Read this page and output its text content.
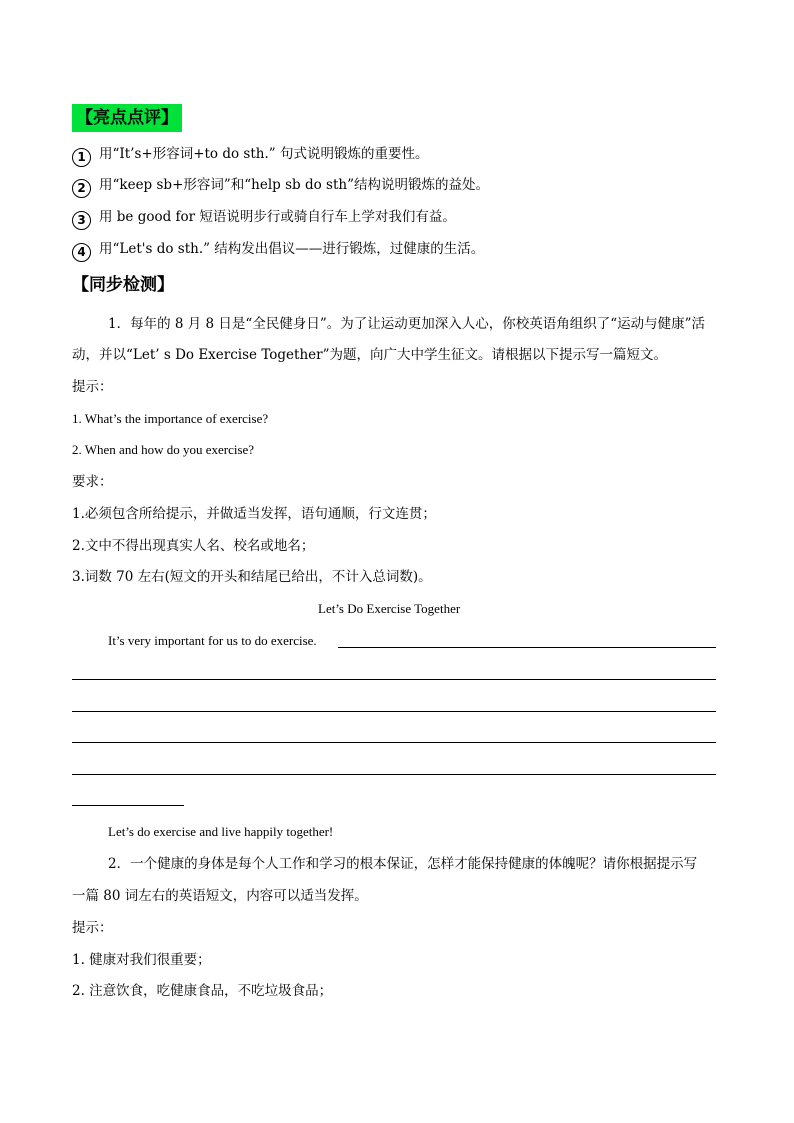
【亮点点评】
1 用“It’s+形容词+to do sth.” 句式说明锻炼的重要性。
2 用“keep sb+形容词”和“help sb do sth”结构说明锻炼的益处。
3 用 be good for 短语说明步行或骑自行车上学对我们有益。
4 用“Let's do sth.” 结构发出倡议——进行锻炼，过健康的生活。
【同步检测】
1．每年的 8 月 8 日是“全民健身日”。为了让运动更加深入人心，你校英语角组织了“运动与健康”活
动，并以“Let’ s Do Exercise Together”为题，向广大中学生征文。请根据以下提示写一篇短文。
提示：
1. What’s the importance of exercise?
2. When and how do you exercise?
要求：
1.必须包含所给提示，并做适当发挥，语句通顺，行文连贯；
2.文中不得出现真实人名、校名或地名；
3.词数 70 左右(短文的开头和结尾已给出，不计入总词数)。
Let’s Do Exercise Together
It’s very important for us to do exercise.
Let’s do exercise and live happily together!
2．一个健康的身体是每个人工作和学习的根本保证，怎样才能保持健康的体魄呢？请你根据提示写
一篇 80 词左右的英语短文，内容可以适当发挥。
提示：
1. 健康对我们很重要；
2. 注意饮食，吃健康食品，不吃垃圾食品；
